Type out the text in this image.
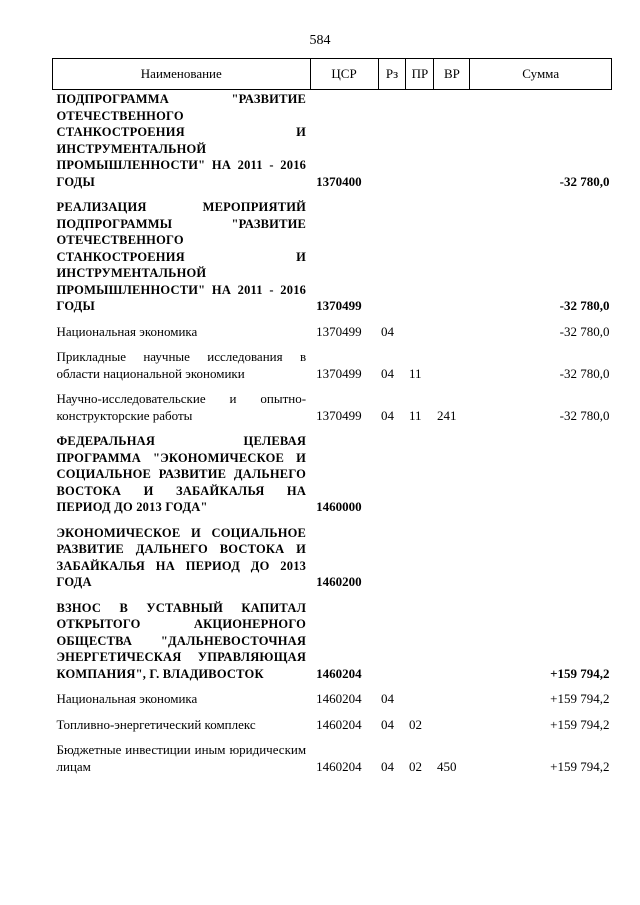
584
Наименование	ЦСР	Рз	ПР	ВР	Сумма
ПОДПРОГРАММА "РАЗВИТИЕ ОТЕЧЕСТВЕННОГО СТАНКОСТРОЕНИЯ И ИНСТРУМЕНТАЛЬНОЙ ПРОМЫШЛЕННОСТИ" НА 2011 - 2016 ГОДЫ	1370400				-32 780,0
РЕАЛИЗАЦИЯ МЕРОПРИЯТИЙ ПОДПРОГРАММЫ "РАЗВИТИЕ ОТЕЧЕСТВЕННОГО СТАНКОСТРОЕНИЯ И ИНСТРУМЕНТАЛЬНОЙ ПРОМЫШЛЕННОСТИ" НА 2011 - 2016 ГОДЫ	1370499				-32 780,0
Национальная экономика	1370499	04			-32 780,0
Прикладные научные исследования в области национальной экономики	1370499	04	11		-32 780,0
Научно-исследовательские и опытно-конструкторские работы	1370499	04	11	241	-32 780,0
ФЕДЕРАЛЬНАЯ ЦЕЛЕВАЯ ПРОГРАММА "ЭКОНОМИЧЕСКОЕ И СОЦИАЛЬНОЕ РАЗВИТИЕ ДАЛЬНЕГО ВОСТОКА И ЗАБАЙКАЛЬЯ НА ПЕРИОД ДО 2013 ГОДА"	1460000				
ЭКОНОМИЧЕСКОЕ И СОЦИАЛЬНОЕ РАЗВИТИЕ ДАЛЬНЕГО ВОСТОКА И ЗАБАЙКАЛЬЯ НА ПЕРИОД ДО 2013 ГОДА	1460200				
ВЗНОС В УСТАВНЫЙ КАПИТАЛ ОТКРЫТОГО АКЦИОНЕРНОГО ОБЩЕСТВА "ДАЛЬНЕВОСТОЧНАЯ ЭНЕРГЕТИЧЕСКАЯ УПРАВЛЯЮЩАЯ КОМПАНИЯ", Г. ВЛАДИВОСТОК	1460204				+159 794,2
Национальная экономика	1460204	04			+159 794,2
Топливно-энергетический комплекс	1460204	04	02		+159 794,2
Бюджетные инвестиции иным юридическим лицам	1460204	04	02	450	+159 794,2
